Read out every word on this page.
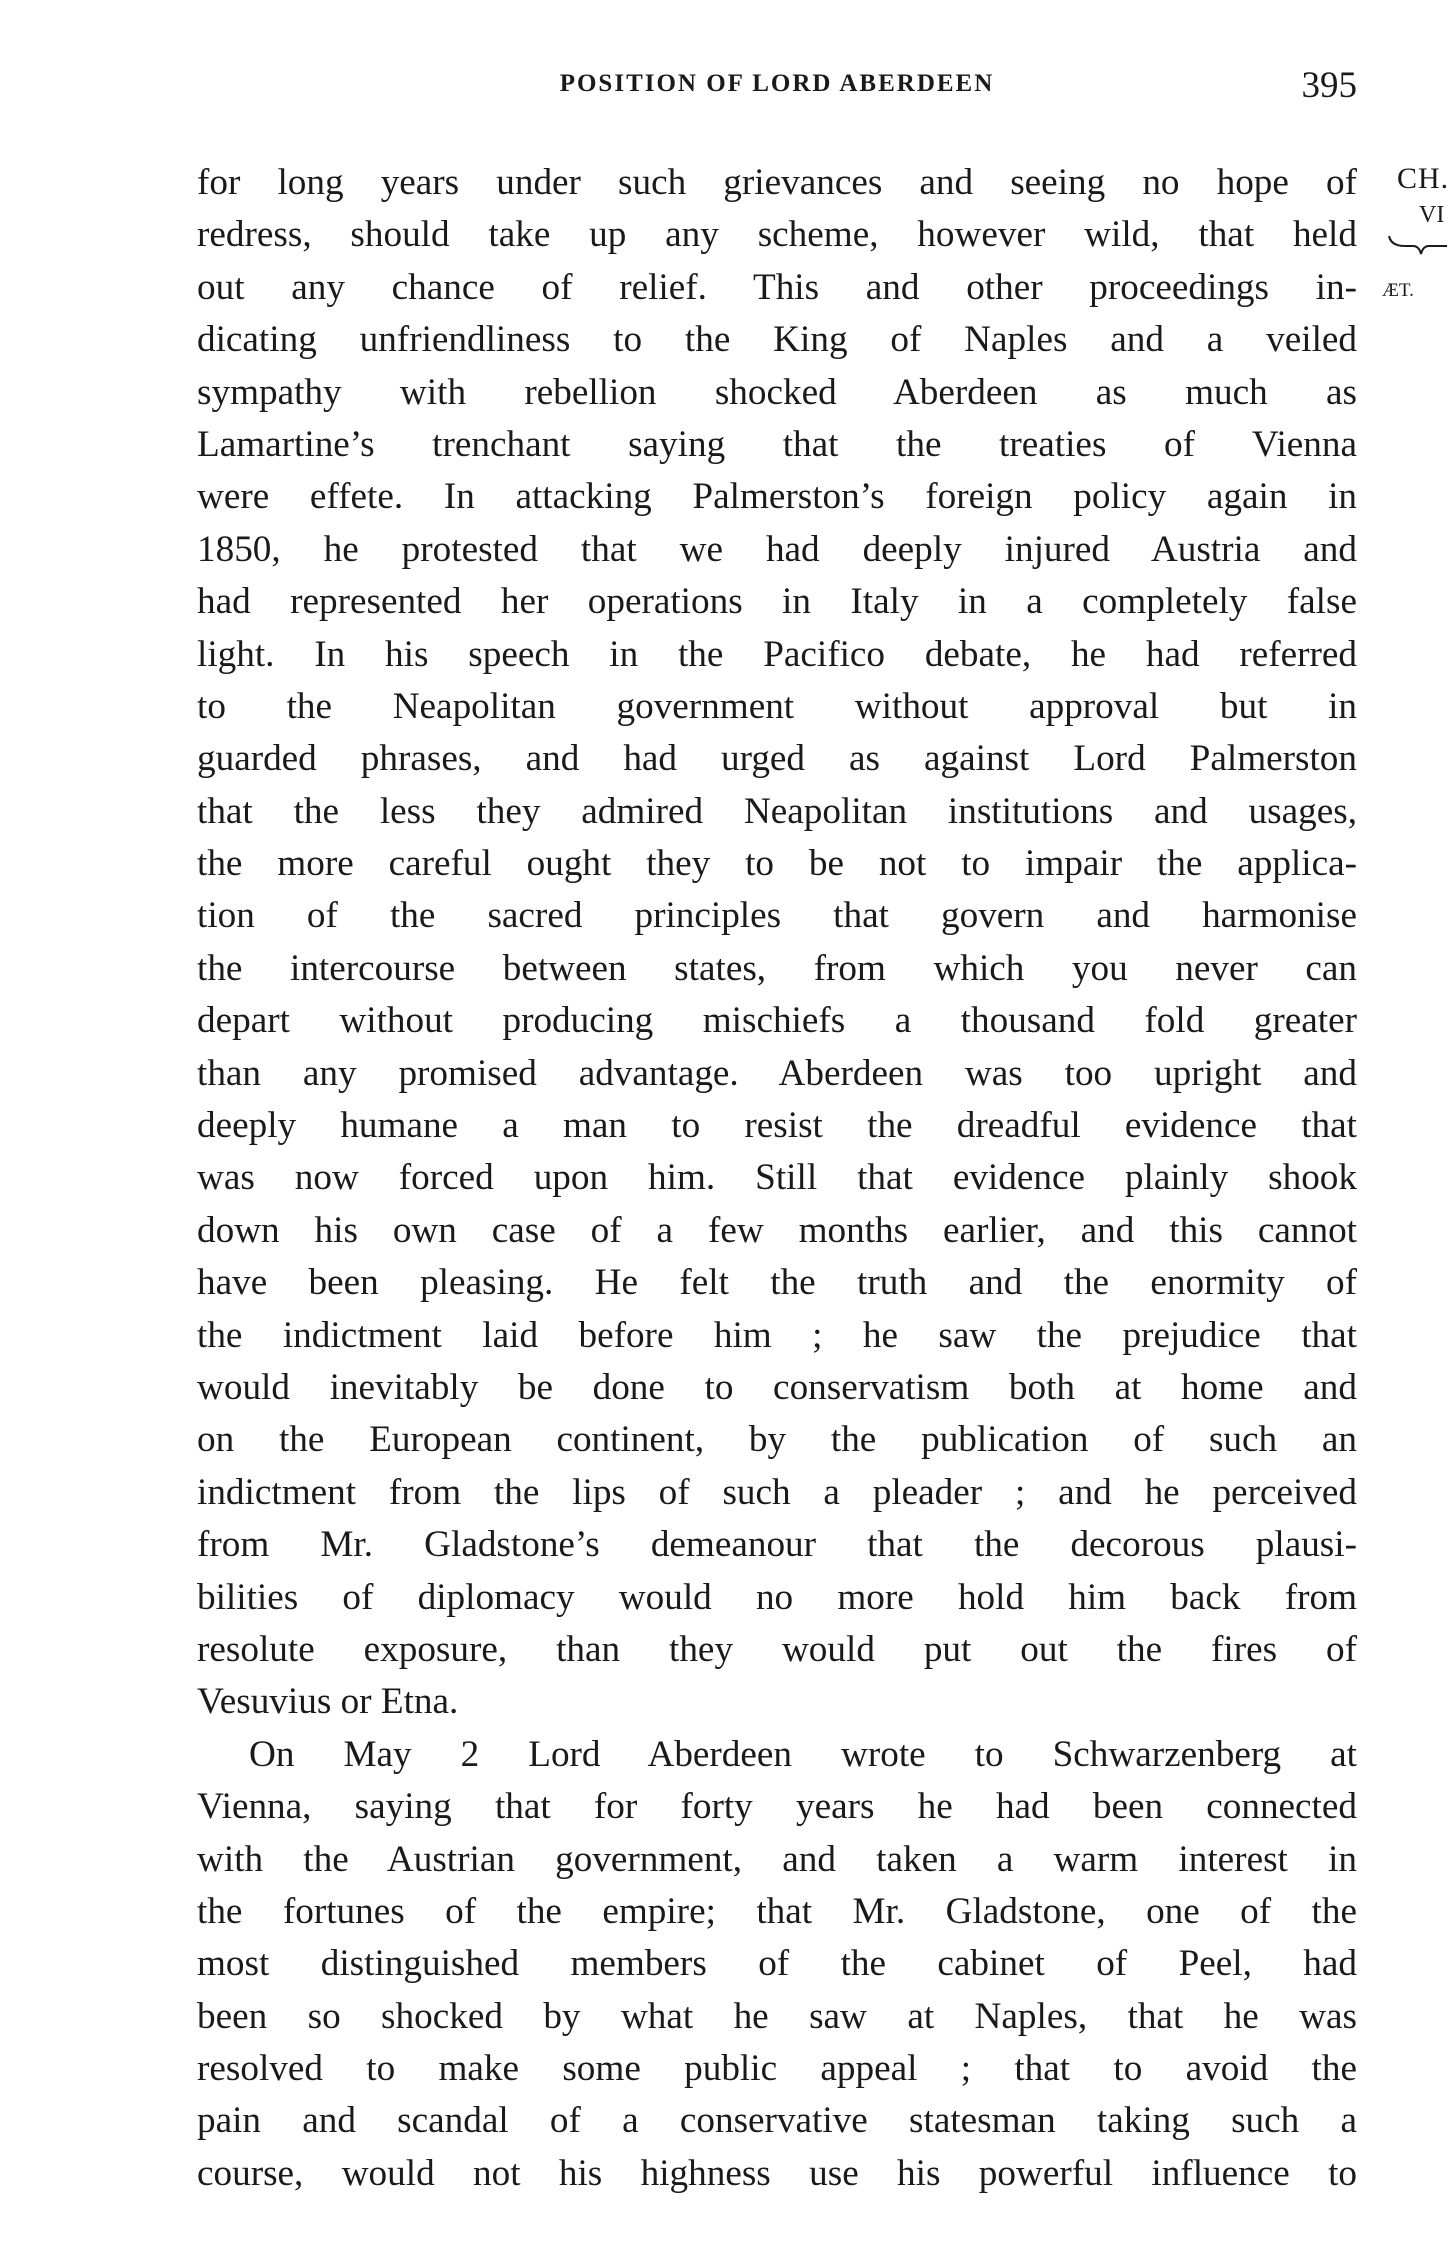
POSITION OF LORD ABERDEEN	395
CH.
VI
ÆT.
for long years under such grievances and seeing no hope of
redress, should take up any scheme, however wild, that held
out any chance of relief. This and other proceedings in-
dicating unfriendliness to the King of Naples and a veiled
sympathy with rebellion shocked Aberdeen as much as
Lamartine’s trenchant saying that the treaties of Vienna
were effete. In attacking Palmerston’s foreign policy again in
1850, he protested that we had deeply injured Austria and
had represented her operations in Italy in a completely false
light. In his speech in the Pacifico debate, he had referred
to the Neapolitan government without approval but in
guarded phrases, and had urged as against Lord Palmerston
that the less they admired Neapolitan institutions and usages,
the more careful ought they to be not to impair the applica-
tion of the sacred principles that govern and harmonise
the intercourse between states, from which you never can
depart without producing mischiefs a thousand fold greater
than any promised advantage. Aberdeen was too upright and
deeply humane a man to resist the dreadful evidence that
was now forced upon him. Still that evidence plainly shook
down his own case of a few months earlier, and this cannot
have been pleasing. He felt the truth and the enormity of
the indictment laid before him ; he saw the prejudice that
would inevitably be done to conservatism both at home and
on the European continent, by the publication of such an
indictment from the lips of such a pleader ; and he perceived
from Mr. Gladstone’s demeanour that the decorous plausi-
bilities of diplomacy would no more hold him back from
resolute exposure, than they would put out the fires of
Vesuvius or Etna.
On May 2 Lord Aberdeen wrote to Schwarzenberg at
Vienna, saying that for forty years he had been connected
with the Austrian government, and taken a warm interest in
the fortunes of the empire; that Mr. Gladstone, one of the
most distinguished members of the cabinet of Peel, had
been so shocked by what he saw at Naples, that he was
resolved to make some public appeal ; that to avoid the
pain and scandal of a conservative statesman taking such a
course, would not his highness use his powerful influence to
